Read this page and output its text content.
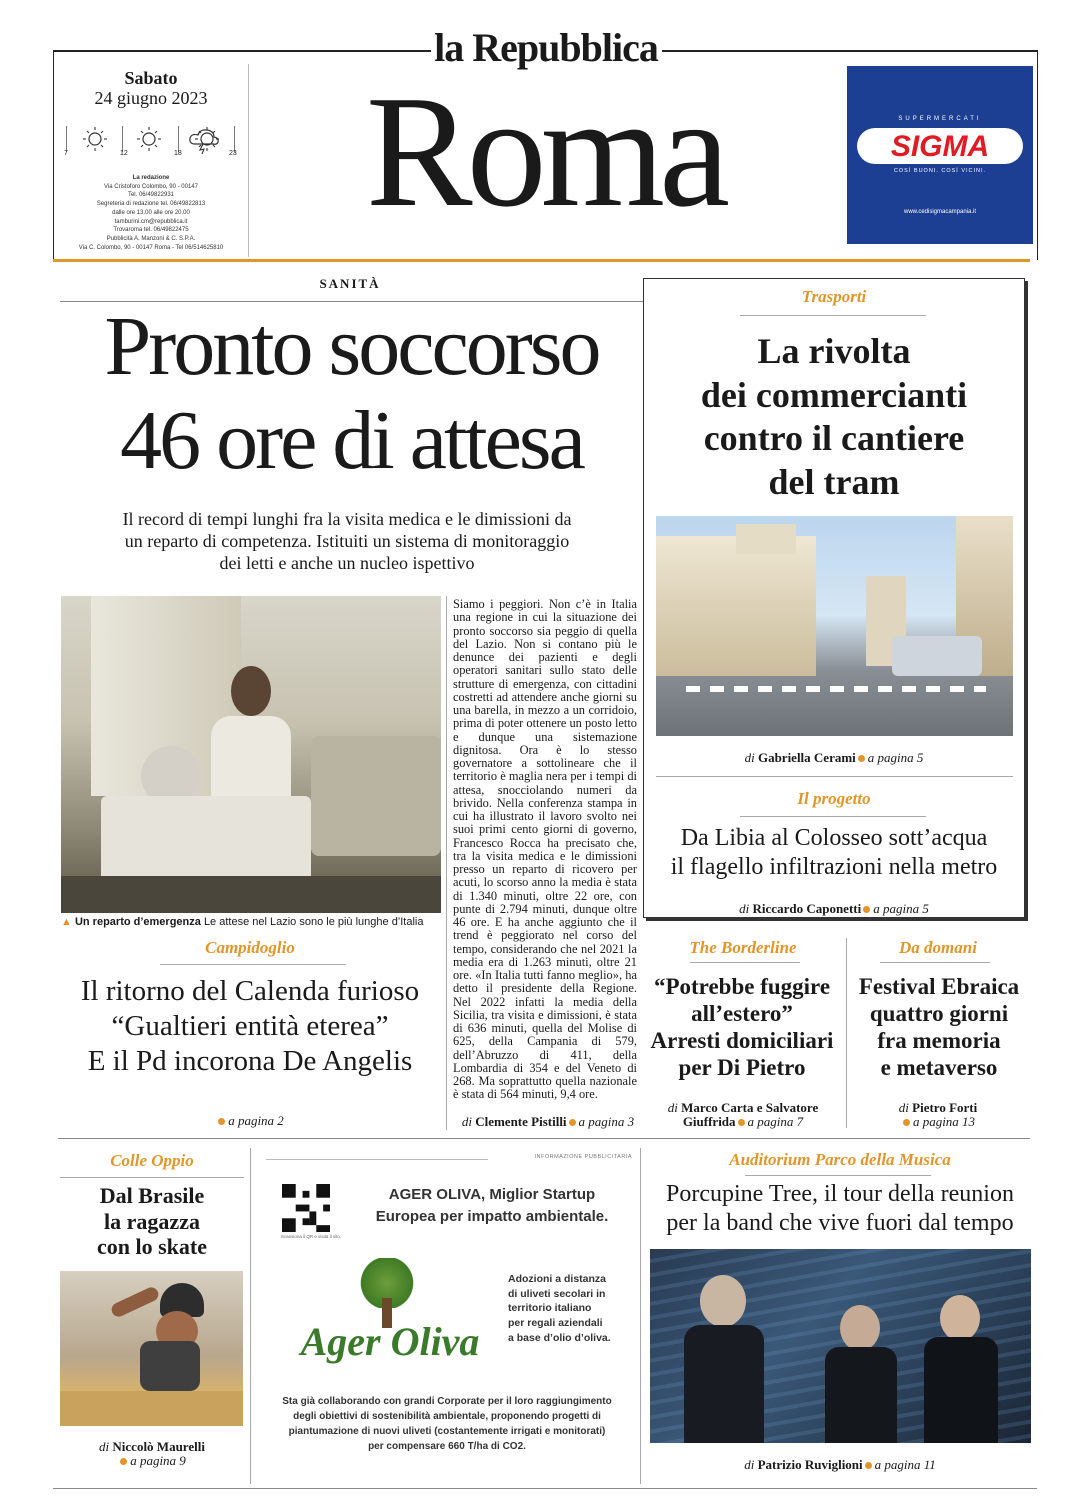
la Repubblica
Sabato
24 giugno 2023
7	12	18	23
La redazione
Via Cristoforo Colombo, 90 - 00147
Tel. 06/49822931
Segreteria di redazione tel. 06/49822813
dalle ore 13.00 alle ore 20.00
tamburini.cm@repubblica.it
Trovaroma tel. 06/49822475
Pubblicità A. Manzoni & C. S.P.A.
Via C. Colombo, 90 - 00147 Roma - Tel 06/514625810
Roma	SUPERMERCATI
SIGMA
COSÌ BUONI. COSÌ VICINI.
www.cedisigmacampania.it
SANITÀ
Pronto soccorso
46 ore di attesa
Il record di tempi lunghi fra la visita medica e le dimissioni da un reparto di competenza. Istituiti un sistema di monitoraggio dei letti e anche un nucleo ispettivo
▲ Un reparto d’emergenza Le attese nel Lazio sono le più lunghe d’Italia
Siamo i peggiori. Non c’è in Italia una regione in cui la situazione dei pronto soccorso sia peggio di quella del Lazio. Non si contano più le denunce dei pazienti e degli operatori sanitari sullo stato delle strutture di emergenza, con cittadini costretti ad attendere anche giorni su una barella, in mezzo a un corridoio, prima di poter ottenere un posto letto e dunque una sistemazione dignitosa. Ora è lo stesso governatore a sottolineare che il territorio è maglia nera per i tempi di attesa, snocciolando numeri da brivido. Nella conferenza stampa in cui ha illustrato il lavoro svolto nei suoi primi cento giorni di governo, Francesco Rocca ha precisato che, tra la visita medica e le dimissioni presso un reparto di ricovero per acuti, lo scorso anno la media è stata di 1.340 minuti, oltre 22 ore, con punte di 2.794 minuti, dunque oltre 46 ore. E ha anche aggiunto che il trend è peggiorato nel corso del tempo, considerando che nel 2021 la media era di 1.263 minuti, oltre 21 ore. «In Italia tutti fanno meglio», ha detto il presidente della Regione. Nel 2022 infatti la media della Sicilia, tra visita e dimissioni, è stata di 636 minuti, quella del Molise di 625, della Campania di 579, dell’Abruzzo di 411, della Lombardia di 354 e del Veneto di 268. Ma soprattutto quella nazionale è stata di 564 minuti, 9,4 ore.
di Clemente Pistilli a pagina 3
Trasporti
La rivolta
dei commercianti
contro il cantiere
del tram
di Gabriella Cerami a pagina 5
Il progetto
Da Libia al Colosseo sott’acqua
il flagello infiltrazioni nella metro
di Riccardo Caponetti a pagina 5
Campidoglio
Il ritorno del Calenda furioso
“Gualtieri entità eterea”
E il Pd incorona De Angelis
a pagina 2
The Borderline
“Potrebbe fuggire
all’estero”
Arresti domiciliari
per Di Pietro
di Marco Carta e Salvatore
Giuffrida a pagina 7
Da domani
Festival Ebraica
quattro giorni
fra memoria
e metaverso
di Pietro Forti
a pagina 13
Colle Oppio
Dal Brasile
la ragazza
con lo skate
di Niccolò Maurelli
a pagina 9
INFORMAZIONE PUBBLICITARIA
Scansiona il QR e visita il sito.
AGER OLIVA, Miglior Startup
Europea per impatto ambientale.
Ager Oliva
Adozioni a distanza
di uliveti secolari in
territorio italiano
per regali aziendali
a base d’olio d’oliva.
Sta già collaborando con grandi Corporate per il loro raggiungimento
degli obiettivi di sostenibilità ambientale, proponendo progetti di
piantumazione di nuovi uliveti (costantemente irrigati e monitorati)
per compensare 660 T/ha di CO2.
Auditorium Parco della Musica
Porcupine Tree, il tour della reunion
per la band che vive fuori dal tempo
di Patrizio Ruviglioni a pagina 11
